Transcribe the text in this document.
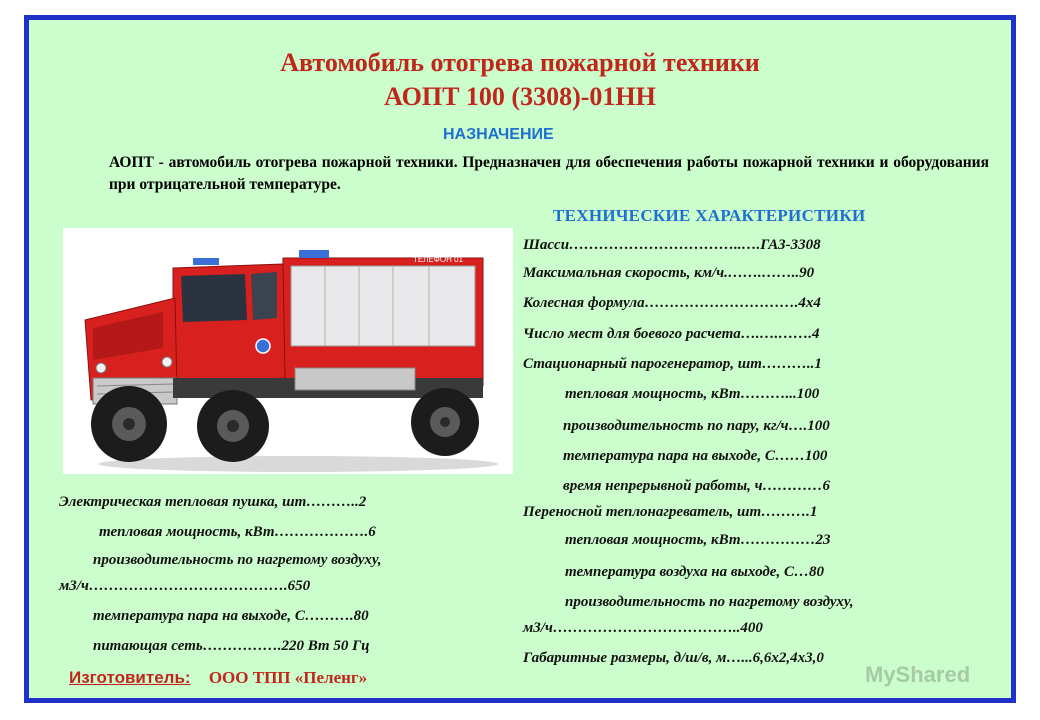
Автомобиль отогрева пожарной техники
АОПТ 100 (3308)-01НН

НАЗНАЧЕНИЕ

АОПТ - автомобиль отогрева пожарной техники. Предназначен для обеспечения работы пожарной техники и оборудования при отрицательной температуре.

ТЕХНИЧЕСКИЕ ХАРАКТЕРИСТИКИ

ТЕЛЕФОН 01

Шасси……………………………..….ГАЗ-3308

Максимальная скорость, км/ч.…….……..90

Колесная формула………………………….4х4

Число мест для боевого расчета….….…….4

Стационарный парогенератор, шт………..1

тепловая мощность, кВт………...100

производительность по пару, кг/ч….100

температура пара на выходе, С……100

время непрерывной работы, ч…………6

Переносной теплонагреватель, шт……….1

тепловая мощность, кВт……………23

температура воздуха на выходе, С…80

производительность по нагретому воздуху,

м3/ч………………………………..400

Габаритные размеры, д/ш/в, м…...6,6х2,4х3,0

Электрическая тепловая пушка, шт………..2

тепловая мощность, кВт……………….6

производительность по нагретому воздуху,

м3/ч………………………………….650

температура пара на выходе, С……….80

питающая сеть…………….220 Вт 50 Гц

Изготовитель: ООО ТПП «Пеленг»	MyShared
